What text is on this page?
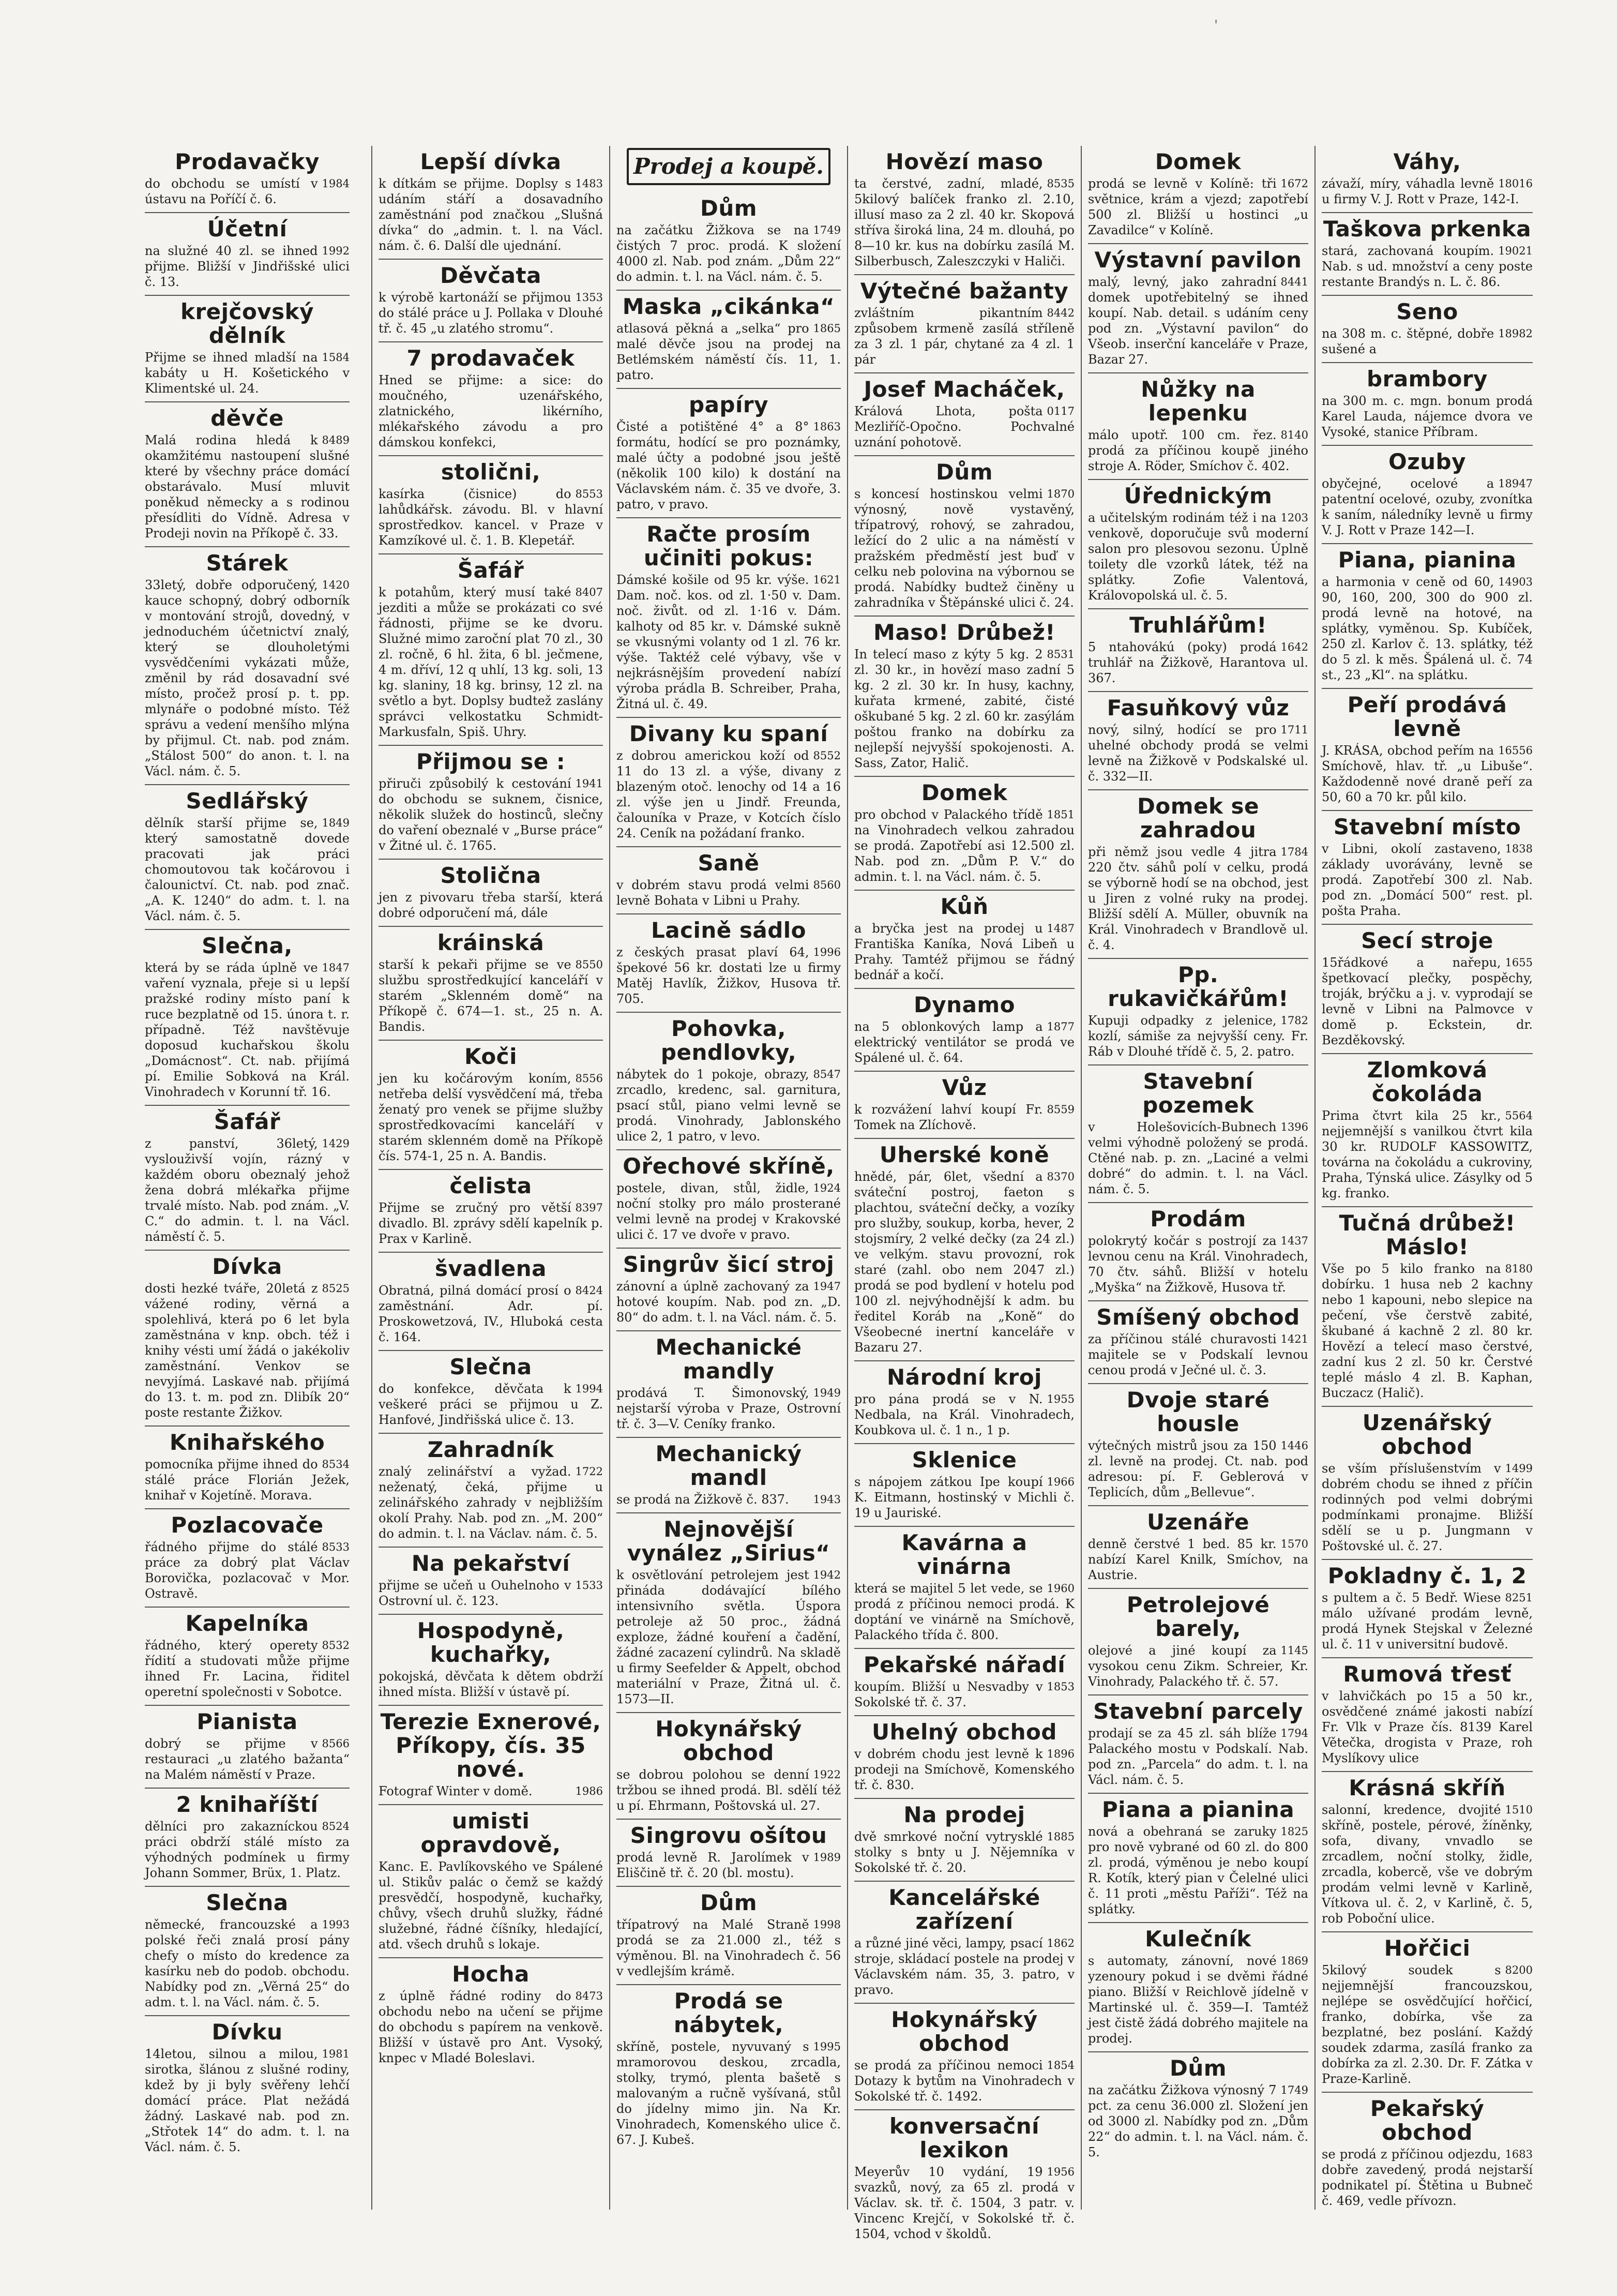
'
Prodavačky

1984
do obchodu se umístí v ústavu na Poříčí č. 6.

Účetní

1992
na služné 40 zl. se ihned přijme. Bližší v Jindřišské ulici č. 13.

krejčovský dělník

1584
Přijme se ihned mladší na kabáty u H. Košetického v Klimentské ul. 24.

děvče

8489
Malá rodina hledá k okamžitému nastoupení slušné které by všechny práce domácí obstarávalo. Musí mluvit poněkud německy a s rodinou přesídliti do Vídně. Adresa v Prodeji novin na Příkopě č. 33.

Stárek

1420
33letý, dobře odporučený, kauce schopný, dobrý odborník v montování strojů, dovedný, v jednoduchém účetnictví znalý, který se dlouholetými vysvědčeními vykázati může, změnil by rád dosavadní své místo, pročež prosí p. t. pp. mlynáře o podobné místo. Též správu a vedení menšího mlýna by přijmul. Ct. nab. pod znám. „Stálost 500“ do anon. t. l. na Václ. nám. č. 5.

Sedlářský

1849
dělník starší přijme se, který samostatně dovede pracovati jak práci chomoutovou tak kočárovou i čalounictví. Ct. nab. pod znač. „A. K. 1240“ do adm. t. l. na Václ. nám. č. 5.

Slečna,

1847
která by se ráda úplně ve vaření vyznala, přeje si u lepší pražské rodiny místo paní k ruce bezplatně od 15. února t. r. případně. Též navštěvuje doposud kuchařskou školu „Domácnost“. Ct. nab. přijímá pí. Emilie Sobková na Král. Vinohradech v Korunní tř. 16.

Šafář

1429
z panství, 36letý, vyslouživší vojín, rázný v každém oboru obeznalý jehož žena dobrá mlékařka přijme trvalé místo. Nab. pod znám. „V. C.“ do admin. t. l. na Václ. náměstí č. 5.

Dívka

8525
dosti hezké tváře, 20letá z vážené rodiny, věrná a spolehlivá, která po 6 let byla zaměstnána v knp. obch. též i knihy vésti umí žádá o jakékoliv zaměstnání. Venkov se nevyjímá. Laskavé nab. přijímá do 13. t. m. pod zn. Dlibík 20“ poste restante Žižkov.

Knihařského

8534
pomocníka přijme ihned do stálé práce Florián Ježek, knihař v Kojetíně. Morava.

Pozlacovače

8533
řádného přijme do stálé práce za dobrý plat Václav Borovička, pozlacovač v Mor. Ostravě.

Kapelníka

8532
řádného, který operety řídití a studovati může přijme ihned Fr. Lacina, řiditel operetní společnosti v Sobotce.

Pianista

8566
dobrý se přijme v restauraci „u zlatého bažanta“ na Malém náměstí v Praze.

2 knihaříští

8524
dělníci pro zakazníckou práci obdrží stálé místo za výhodných podmínek u firmy Johann Sommer, Brüx, 1. Platz.

Slečna

1993
německé, francouzské a polské řeči znalá prosí pány chefy o místo do kredence za kasírku neb do podob. obchodu. Nabídky pod zn. „Věrná 25“ do adm. t. l. na Václ. nám. č. 5.

Dívku

1981
14letou, silnou a milou, sirotka, šlánou z slušné rodiny, kdež by ji byly svěřeny lehčí domácí práce. Plat nežádá žádný. Laskavé nab. pod zn. „Střotek 14“ do adm. t. l. na Václ. nám. č. 5.

Lepší dívka

1483
k dítkám se přijme. Doplsy s udáním stáří a dosavadního zaměstnání pod značkou „Slušná dívka“ do „admin. t. l. na Václ. nám. č. 6. Další dle ujednání.

Děvčata

1353
k výrobě kartonáží se přijmou do stálé práce u J. Pollaka v Dlouhé tř. č. 45 „u zlatého stromu“.

7 prodavaček

Hned se přijme: a sice: do moučného, uzenářského, zlatnického, likérního, mlékařského závodu a pro dámskou konfekci,

stolični,

8553
kasírka (čisnice) do lahůdkářsk. závodu. Bl. v hlavní sprostředkov. kancel. v Praze v Kamzíkové ul. č. 1. B. Klepetář.

Šafář

8407
k potahům, který musí také jezditi a může se prokázati co své řádnosti, přijme se ke dvoru. Služné mimo zaroční plat 70 zl., 30 zl. ročně, 6 hl. žita, 6 bl. ječmene, 4 m. dříví, 12 q uhlí, 13 kg. soli, 13 kg. slaniny, 18 kg. brinsy, 12 zl. na světlo a byt. Doplsy budtež zaslány správci velkostatku Schmidt-Markusfaln, Spiš. Uhry.

Přijmou se :

1941
přiruči způsobilý k cestování do obchodu se suknem, čisnice, několik služek do hostinců, slečny do vaření obeznalé v „Burse práce“ v Žitné ul. č. 1765.

Stolična

jen z pivovaru třeba starší, která dobré odporučení má, dále

kráinská

8550
starší k pekaři přijme se ve službu sprostředkující kanceláří v starém „Sklenném domě“ na Příkopě č. 674—1. st., 25 n. A. Bandis.

Koči

8556
jen ku kočárovým koním, netřeba delší vysvědčení má, třeba ženatý pro venek se přijme služby sprostředkovacími kanceláří v starém sklenném domě na Příkopě čís. 574-1, 25 n. A. Bandis.

čelista

8397
Přijme se zručný pro větší divadlo. Bl. zprávy sdělí kapelník p. Prax v Karlině.

švadlena

8424
Obratná, pilná domácí prosí o zaměstnání. Adr. pí. Proskowetzová, IV., Hluboká cesta č. 164.

Slečna

1994
do konfekce, děvčata k veškeré práci se přijmou u Z. Hanfové, Jindřišská ulice č. 13.

Zahradník

1722
znalý zelinářství a vyžad. neženatý, čeká, přijme u zelinářského zahrady v nejbližším okolí Prahy. Nab. pod zn. „M. 200“ do admin. t. l. na Václav. nám. č. 5.

Na pekařství

1533
přijme se učeň u Ouhelnoho v Ostrovní ul. č. 123.

Hospodyně, kuchařky,

pokojská, děvčata k dětem obdrží ihned místa. Bližší v ústavě pí.

Terezie Exnerové, Příkopy, čís. 35 nové.

1986
Fotograf Winter v domě.

umisti opravdově,

Kanc. E. Pavlíkovského ve Spálené ul. Stikův palác o čemž se každý presvědčí, hospodyně, kuchařky, chůvy, všech druhů služky, řádné služebné, řádné číšníky, hledající, atd. všech druhů s lokaje.

Hocha

8473
z úplně řádné rodiny do obchodu nebo na učení se přijme do obchodu s papírem na venkově. Bližší v ústavě pro Ant. Vysoký, knpec v Mladé Boleslavi.

Prodej a koupě.
Dům

1749
na začátku Žižkova se na čistých 7 proc. prodá. K složení 4000 zl. Nab. pod znám. „Dům 22“ do admin. t. l. na Václ. nám. č. 5.

Maska „cikánka“

1865
atlasová pěkná a „selka“ pro malé děvče jsou na prodej na Betlémském náměstí čís. 11, 1. patro.

papíry

1863
Čisté a potištěné 4° a 8° formátu, hodící se pro poznámky, malé účty a podobné jsou ještě (několik 100 kilo) k dostání na Václavském nám. č. 35 ve dvoře, 3. patro, v pravo.

Račte prosím učiniti pokus:

1621
Dámské košile od 95 kr. výše. Dam. noč. kos. od zl. 1·50 v. Dam. noč. živůt. od zl. 1·16 v. Dám. kalhoty od 85 kr. v. Dámské sukně se vkusnými volanty od 1 zl. 76 kr. výše. Taktéž celé výbavy, vše v nejkrásnějším provedení nabízí výroba prádla B. Schreiber, Praha, Žitná ul. č. 49.

Divany ku spaní

8552
z dobrou americkou koží od 11 do 13 zl. a výše, divany z blazeným otoč. lenochy od 14 a 16 zl. výše jen u Jindř. Freunda, čalouníka v Praze, v Kotcích číslo 24. Ceník na požádaní franko.

Saně

8560
v dobrém stavu prodá velmi levně Bohata v Libni u Prahy.

Lacině sádlo

1996
z českých prasat plaví 64, špekové 56 kr. dostati lze u firmy Matěj Havlík, Žižkov, Husova tř. 705.

Pohovka, pendlovky,

8547
nábytek do 1 pokoje, obrazy, zrcadlo, kredenc, sal. garnitura, psací stůl, piano velmi levně se prodá. Vinohrady, Jablonského ulice 2, 1 patro, v levo.

Ořechové skříně,

1924
postele, divan, stůl, židle, noční stolky pro málo prosterané velmi levně na prodej v Krakovské ulici č. 17 ve dvoře v pravo.

Singrův šicí stroj

1947
zánovní a úplně zachovaný za hotové koupím. Nab. pod zn. „D. 80“ do adm. t. l. na Václ. nám. č. 5.

Mechanické mandly

1949
prodává T. Šimonovský, nejstarší výroba v Praze, Ostrovní tř. č. 3—V. Ceníky franko.

Mechanický mandl

1943
se prodá na Žižkově č. 837.

Nejnovější vynález „Sirius“

1942
k osvětlování petrolejem jest přináda dodávající bílého intensivního světla. Úspora petroleje až 50 proc., žádná exploze, žádné kouření a čadění, žádné zacazení cylindrů. Na skladě u firmy Seefelder & Appelt, obchod materiální v Praze, Žitná ul. č. 1573—II.

Hokynářský obchod

1922
se dobrou polohou se denní tržbou se ihned prodá. Bl. sdělí též u pí. Ehrmann, Poštovská ul. 27.

Singrovu ošítou

1989
prodá levně R. Jarolímek v Eliščině tř. č. 20 (bl. mostu).

Dům

1998
třípatrový na Malé Straně prodá se za 21.000 zl., též s výměnou. Bl. na Vinohradech č. 56 v vedlejším krámě.

Prodá se nábytek,

1995
skříně, postele, nyvuvaný s mramorovou deskou, zrcadla, stolky, trymó, plenta bašetě s malovaným a ručně vyšívaná, stůl do jídelny mimo jin. Na Kr. Vinohradech, Komenského ulice č. 67. J. Kubeš.

Hovězí maso

8535
ta čerstvé, zadní, mladé, 5kilový balíček franko zl. 2.10, illusí maso za 2 zl. 40 kr. Skopová stříva široká lina, 24 m. dlouhá, po 8—10 kr. kus na dobírku zasílá M. Silberbusch, Zaleszczyki v Haliči.

Výtečné bažanty

8442
zvláštním pikantním způsobem krmeně zasílá stříleně za 3 zl. 1 pár, chytané za 4 zl. 1 pár

Josef Macháček,

0117
Králová Lhota, pošta Mezliříč-Opočno. Pochvalné uznání pohotově.

Dům

1870
s koncesí hostinskou velmi výnosný, nově vystavěný, třípatrový, rohový, se zahradou, ležící do 2 ulic a na náměstí v pražském předměstí jest buď v celku neb polovina na výbornou se prodá. Nabídky budtež činěny u zahradníka v Štěpánské ulici č. 24.

Maso! Drůbež!

8531
In telecí maso z kýty 5 kg. 2 zl. 30 kr., in hovězí maso zadní 5 kg. 2 zl. 30 kr. In husy, kachny, kuřata krmené, zabité, čisté oškubané 5 kg. 2 zl. 60 kr. zasýlám poštou franko na dobírku za nejlepší nejvyšší spokojenosti. A. Sass, Zator, Halič.

Domek

1851
pro obchod v Palackého třídě na Vinohradech velkou zahradou se prodá. Zapotřebí asi 12.500 zl. Nab. pod zn. „Dům P. V.“ do admin. t. l. na Václ. nám. č. 5.

Kůň

1487
a bryčka jest na prodej u Františka Kaníka, Nová Libeň u Prahy. Tamtéž přijmou se řádný bednář a kočí.

Dynamo

1877
na 5 oblonkových lamp a elektrický ventilátor se prodá ve Spálené ul. č. 64.

Vůz

8559
k rozvážení lahví koupí Fr. Tomek na Zlíchově.

Uherské koně

8370
hnědé, pár, 6let, všední a sváteční postroj, faeton s plachtou, sváteční dečky, a vozíky pro služby, soukup, korba, hever, 2 stojsmíry, 2 velké dečky (za 24 zl.) ve velkým. stavu provozní, rok staré (zahl. obo nem 2047 zl.) prodá se pod bydlení v hotelu pod 100 zl. nejvýhodnější k adm. bu ředitel Koráb na „Koně“ do Všeobecné inertní kanceláře v Bazaru 27.

Národní kroj

1955
pro pána prodá se v N. Nedbala, na Král. Vinohradech, Koubkova ul. č. 1 n., 1 p.

Sklenice

1966
s nápojem zátkou Ipe koupí K. Eitmann, hostinský v Michli č. 19 u Jauriské.

Kavárna a vinárna

1960
která se majitel 5 let vede, se prodá z příčinou nemoci prodá. K doptání ve vinárně na Smíchově, Palackého třída č. 800.

Pekařské nářadí

1853
koupím. Bližší u Nesvadby v Sokolské tř. č. 37.

Uhelný obchod

1896
v dobrém chodu jest levně k prodeji na Smíchově, Komenského tř. č. 830.

Na prodej

1885
dvě smrkové noční vytrysklé stolky s bnty u J. Nějemníka v Sokolské tř. č. 20.

Kancelářské zařízení

1862
a různé jiné věci, lampy, psací stroje, skládací postele na prodej v Václavském nám. 35, 3. patro, v pravo.

Hokynářský obchod

1854
se prodá za příčinou nemoci Dotazy k bytům na Vinohradech v Sokolské tř. č. 1492.

konversační lexikon

1956
Meyerův 10 vydání, 19 svazků, nový, za 65 zl. prodá v Václav. sk. tř. č. 1504, 3 patr. v. Vincenc Krejčí, v Sokolské tř. č. 1504, vchod v školdů.

Domek

1672
prodá se levně v Kolíně: tři světnice, krám a vjezd; zapotřebí 500 zl. Bližší u hostinci „u Zavadilce“ v Kolíně.

Výstavní pavilon

8441
malý, levný, jako zahradní domek upotřebitelný se ihned koupí. Nab. detail. s udáním ceny pod zn. „Výstavní pavilon“ do Všeob. inserční kanceláře v Praze, Bazar 27.

Nůžky na lepenku

8140
málo upotř. 100 cm. řez. prodá za příčinou koupě jiného stroje A. Röder, Smíchov č. 402.

Úřednickým

1203
a učitelským rodinám též i na venkově, doporučuje svů moderní salon pro plesovou sezonu. Úplně toilety dle vzorků látek, též na splátky. Zofie Valentová, Královopolská ul. č. 5.

Truhlářům!

1642
5 ntahovákú (poky) prodá truhlář na Žižkově, Harantova ul. 367.

Fasuňkový vůz

1711
nový, silný, hodící se pro uhelné obchody prodá se velmi levně na Žižkově v Podskalské ul. č. 332—II.

Domek se zahradou

1784
při němž jsou vedle 4 jitra 220 čtv. sáhů polí v celku, prodá se výborně hodí se na obchod, jest u Jiren z volné ruky na prodej. Bližší sdělí A. Müller, obuvník na Král. Vinohradech v Brandlově ul. č. 4.

Pp. rukavičkářům!

1782
Kupuji odpadky z jelenice, kozlí, sámiše za nejvyšší ceny. Fr. Ráb v Dlouhé třídě č. 5, 2. patro.

Stavební pozemek

1396
v Holešovicích-Bubnech velmi výhodně položený se prodá. Ctěné nab. p. zn. „Laciné a velmi dobré“ do admin. t. l. na Václ. nám. č. 5.

Prodám

1437
polokrytý kočár s postrojí za levnou cenu na Král. Vinohradech, 70 čtv. sáhů. Bližší v hotelu „Myška“ na Žižkově, Husova tř.

Smíšený obchod

1421
za příčinou stálé churavosti majitele se v Podskalí levnou cenou prodá v Ječné ul. č. 3.

Dvoje staré housle

1446
výtečných mistrů jsou za 150 zl. levně na prodej. Ct. nab. pod adresou: pí. F. Geblerová v Teplicích, dům „Bellevue“.

Uzenáře

1570
denně čerstvé 1 bed. 85 kr. nabízí Karel Knilk, Smíchov, na Austrie.

Petrolejové barely,

1145
olejové a jiné koupí za vysokou cenu Zikm. Schreier, Kr. Vinohrady, Palackého tř. č. 57.

Stavební parcely

1794
prodají se za 45 zl. sáh blíže Palackého mostu v Podskalí. Nab. pod zn. „Parcela“ do adm. t. l. na Václ. nám. č. 5.

Piana a pianina

1825
nová a obehraná se zaruky pro nově vybrané od 60 zl. do 800 zl. prodá, výměnou je nebo koupí R. Kotík, který pian v Čelelné ulici č. 11 proti „městu Paříži“. Též na splátky.

Kulečník

1869
s automaty, zánovní, nové yzenoury pokud i se dvěmi řádné piano. Bližší v Reichlově jídelně v Martinské ul. č. 359—I. Tamtéž jest čistě žádá dobrého majitele na prodej.

Dům

1749
na začátku Žižkova výnosný 7 pct. za cenu 36.000 zl. Složení jen od 3000 zl. Nabídky pod zn. „Dům 22“ do admin. t. l. na Václ. nám. č. 5.

Váhy,

18016
závaží, míry, váhadla levně u firmy V. J. Rott v Praze, 142-I.

Taškova prkenka

19021
stará, zachovaná koupím. Nab. s ud. množství a ceny poste restante Brandýs n. L. č. 86.

Seno

18982
na 308 m. c. štěpné, dobře sušené a

brambory

na 300 m. c. mgn. bonum prodá Karel Lauda, nájemce dvora ve Vysoké, stanice Příbram.

Ozuby

18947
obyčejné, ocelové a patentní ocelové, ozuby, zvonítka k saním, náledníky levně u firmy V. J. Rott v Praze 142—I.

Piana, pianina

14903
a harmonia v ceně od 60, 90, 160, 200, 300 do 900 zl. prodá levně na hotové, na splátky, vyměnou. Sp. Kubíček, 250 zl. Karlov č. 13. splátky, též do 5 zl. k měs. Špálená ul. č. 74 st., 23 „Kl“. na splátku.

Peří prodává levně

16556
J. KRÁSA, obchod peřím na Smíchově, hlav. tř. „u Libuše“. Každodenně nové draně peří za 50, 60 a 70 kr. půl kilo.

Stavební místo

1838
v Libni, okolí zastaveno, základy uvorávány, levně se prodá. Zapotřebí 300 zl. Nab. pod zn. „Domácí 500“ rest. pl. pošta Praha.

Secí stroje

1655
15řádkové a nařepu, špetkovací plečky, pospěchy, troják, brýčku a j. v. vyprodají se levně v Libni na Palmovce v domě p. Eckstein, dr. Bezděkovský.

Zlomková čokoláda

5564
Prima čtvrt kila 25 kr., nejjemnější s vanilkou čtvrt kila 30 kr. RUDOLF KASSOWITZ, továrna na čokoládu a cukroviny, Praha, Týnská ulice. Zásylky od 5 kg. franko.

Tučná drůbež! Máslo!

8180
Vše po 5 kilo franko na dobírku. 1 husa neb 2 kachny nebo 1 kapouni, nebo slepice na pečení, vše čerstvě zabité, škubané á kachně 2 zl. 80 kr. Hovězí a telecí maso čerstvé, zadní kus 2 zl. 50 kr. Čerstvé teplé máslo 4 zl. B. Kaphan, Buczacz (Halič).

Uzenářský obchod

1499
se vším příslušenstvím v dobrém chodu se ihned z příčin rodinných pod velmi dobrými podmínkami pronajme. Bližší sdělí se u p. Jungmann v Poštovské ul. č. 27.

Pokladny č. 1, 2

8251
s pultem a č. 5 Bedř. Wiese málo užívané prodám levně, prodá Hynek Stejskal v Železné ul. č. 11 v universitní budově.

Rumová třesť

v lahvičkách po 15 a 50 kr., osvědčené známé jakosti nabízí Fr. Vlk v Praze čís. 8139 Karel Větečka, drogista v Praze, roh Myslíkovy ulice

Krásná skříň

1510
salonní, kredence, dvojité skříně, postele, pérové, žíněnky, sofa, divany, vnvadlo se zrcadlem, noční stolky, židle, zrcadla, kobercě, vše ve dobrým prodám velmi levně v Karlině, Vítkova ul. č. 2, v Karlině, č. 5, rob Poboční ulice.

Hořčici

8200
5kilový soudek s nejjemnější francouzskou, nejlépe se osvědčující hořčicí, franko, dobírka, vše za bezplatné, bez poslání. Každý soudek zdarma, zasílá franko za dobírka za zl. 2.30. Dr. F. Zátka v Praze-Karlině.

Pekařský obchod

1683
se prodá z příčinou odjezdu, dobře zavedený, prodá nejstarší podnikatel pí. Štětina u Bubneč č. 469, vedle přívozn.
